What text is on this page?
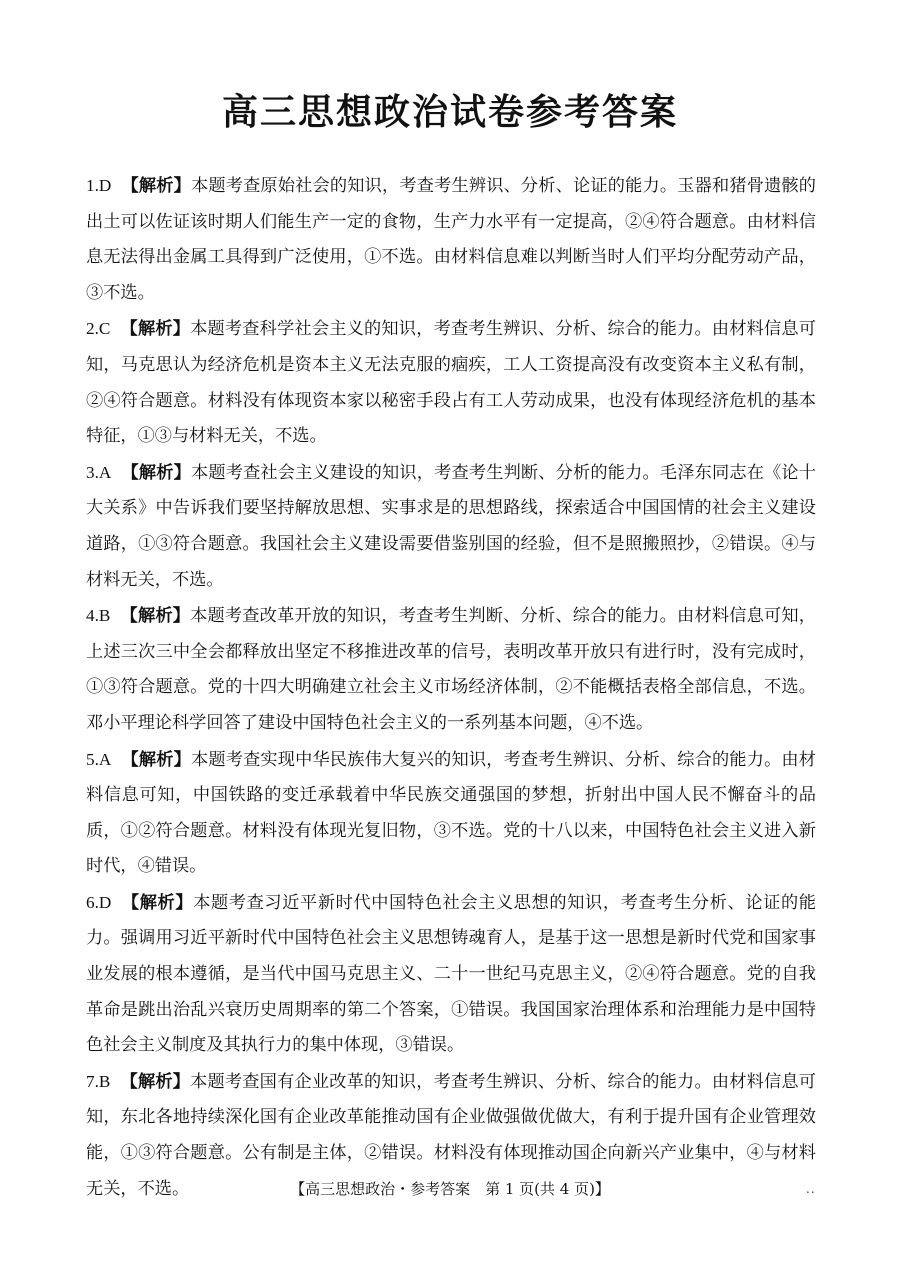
高三思想政治试卷参考答案

1.D 【解析】本题考查原始社会的知识，考查考生辨识、分析、论证的能力。玉器和猪骨遗骸的出土可以佐证该时期人们能生产一定的食物，生产力水平有一定提高，②④符合题意。由材料信息无法得出金属工具得到广泛使用，①不选。由材料信息难以判断当时人们平均分配劳动产品，③不选。

2.C 【解析】本题考查科学社会主义的知识，考查考生辨识、分析、综合的能力。由材料信息可知，马克思认为经济危机是资本主义无法克服的痼疾，工人工资提高没有改变资本主义私有制，②④符合题意。材料没有体现资本家以秘密手段占有工人劳动成果，也没有体现经济危机的基本特征，①③与材料无关，不选。

3.A 【解析】本题考查社会主义建设的知识，考查考生判断、分析的能力。毛泽东同志在《论十大关系》中告诉我们要坚持解放思想、实事求是的思想路线，探索适合中国国情的社会主义建设道路，①③符合题意。我国社会主义建设需要借鉴别国的经验，但不是照搬照抄，②错误。④与材料无关，不选。

4.B 【解析】本题考查改革开放的知识，考查考生判断、分析、综合的能力。由材料信息可知，上述三次三中全会都释放出坚定不移推进改革的信号，表明改革开放只有进行时，没有完成时，①③符合题意。党的十四大明确建立社会主义市场经济体制，②不能概括表格全部信息，不选。邓小平理论科学回答了建设中国特色社会主义的一系列基本问题，④不选。

5.A 【解析】本题考查实现中华民族伟大复兴的知识，考查考生辨识、分析、综合的能力。由材料信息可知，中国铁路的变迁承载着中华民族交通强国的梦想，折射出中国人民不懈奋斗的品质，①②符合题意。材料没有体现光复旧物，③不选。党的十八以来，中国特色社会主义进入新时代，④错误。

6.D 【解析】本题考查习近平新时代中国特色社会主义思想的知识，考查考生分析、论证的能力。强调用习近平新时代中国特色社会主义思想铸魂育人，是基于这一思想是新时代党和国家事业发展的根本遵循，是当代中国马克思主义、二十一世纪马克思主义，②④符合题意。党的自我革命是跳出治乱兴衰历史周期率的第二个答案，①错误。我国国家治理体系和治理能力是中国特色社会主义制度及其执行力的集中体现，③错误。

7.B 【解析】本题考查国有企业改革的知识，考查考生辨识、分析、综合的能力。由材料信息可知，东北各地持续深化国有企业改革能推动国有企业做强做优做大，有利于提升国有企业管理效能，①③符合题意。公有制是主体，②错误。材料没有体现推动国企向新兴产业集中，④与材料无关，不选。	【高三思想政治・参考答案　第 1 页(共 4 页)】	..
